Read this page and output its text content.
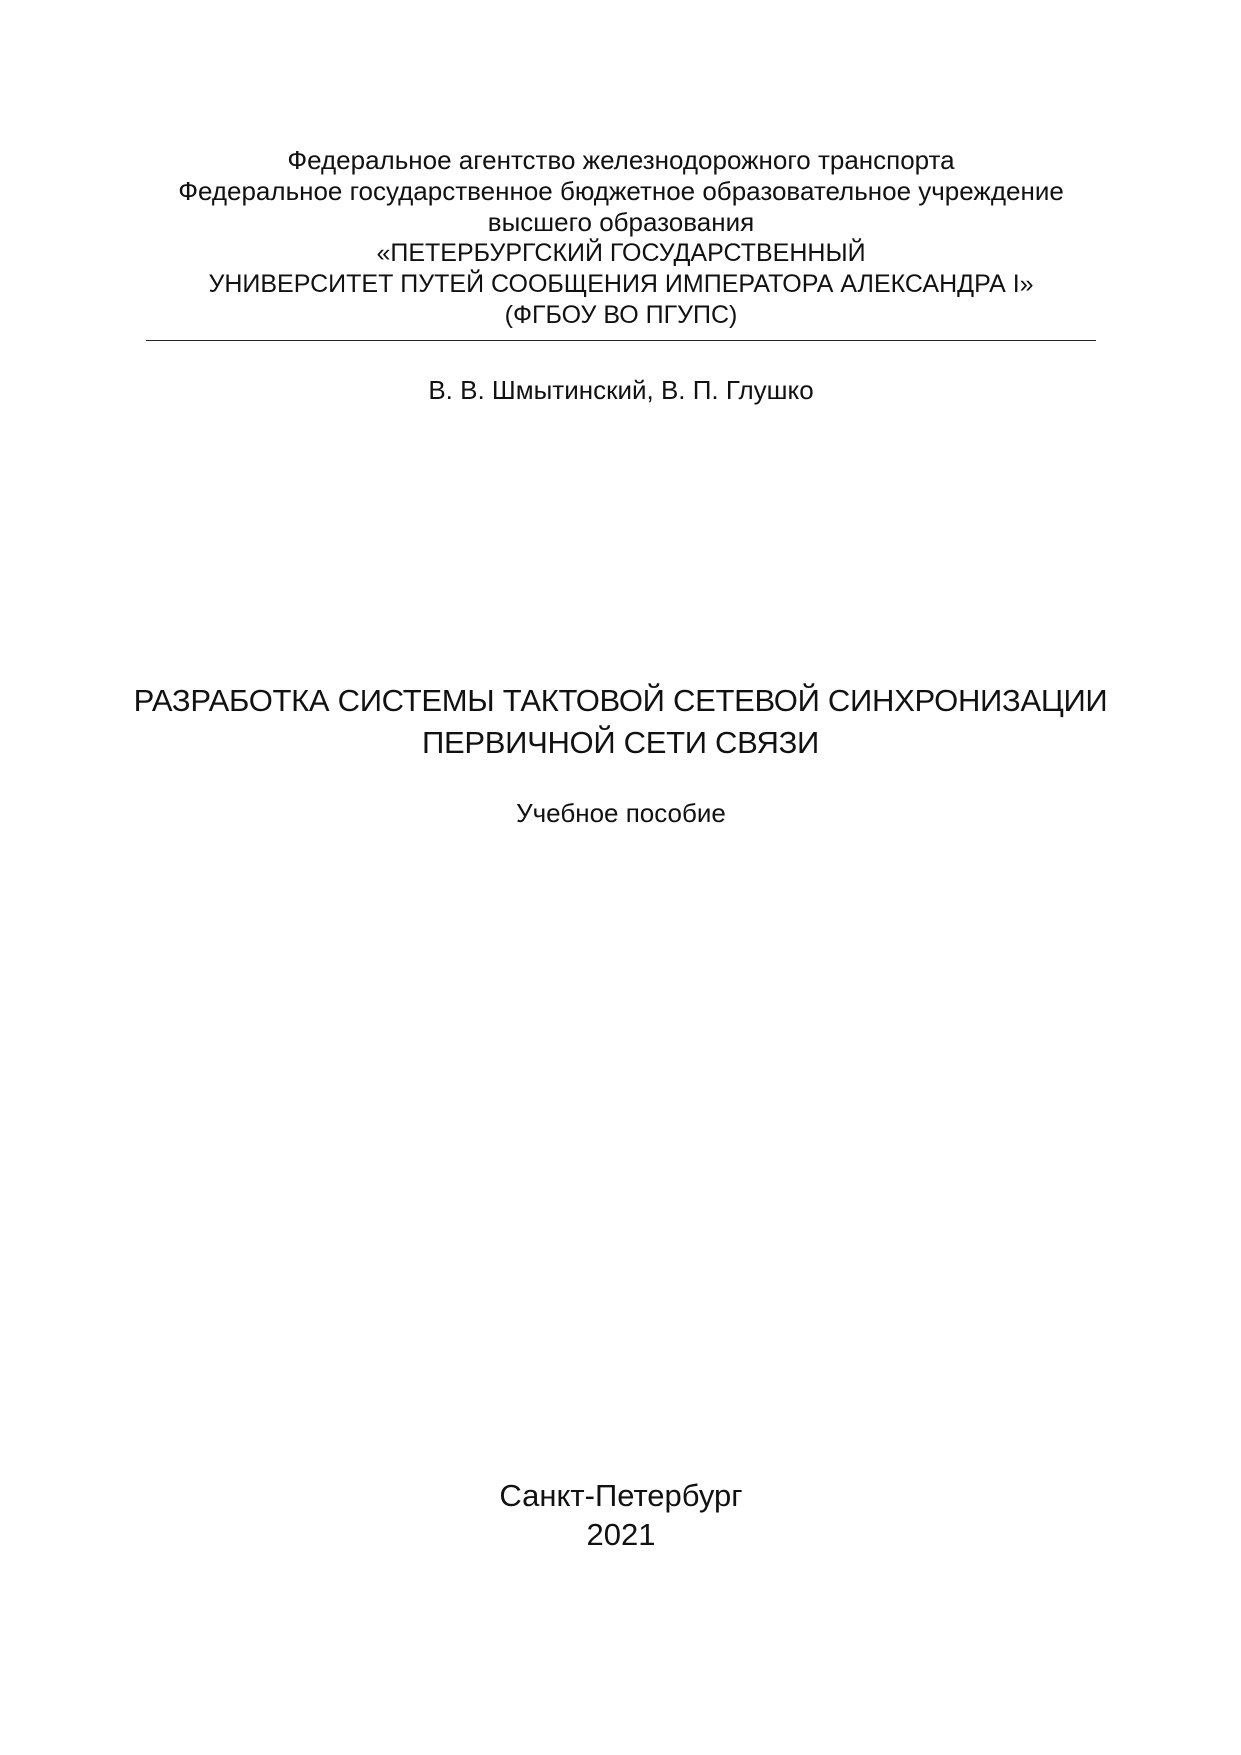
Федеральное агентство железнодорожного транспорта
Федеральное государственное бюджетное образовательное учреждение
высшего образования
«ПЕТЕРБУРГСКИЙ ГОСУДАРСТВЕННЫЙ
УНИВЕРСИТЕТ ПУТЕЙ СООБЩЕНИЯ ИМПЕРАТОРА АЛЕКСАНДРА I»
(ФГБОУ ВО ПГУПС)
В. В. Шмытинский, В. П. Глушко
РАЗРАБОТКА СИСТЕМЫ ТАКТОВОЙ СЕТЕВОЙ СИНХРОНИЗАЦИИ
ПЕРВИЧНОЙ СЕТИ СВЯЗИ
Учебное пособие
Санкт-Петербург
2021
